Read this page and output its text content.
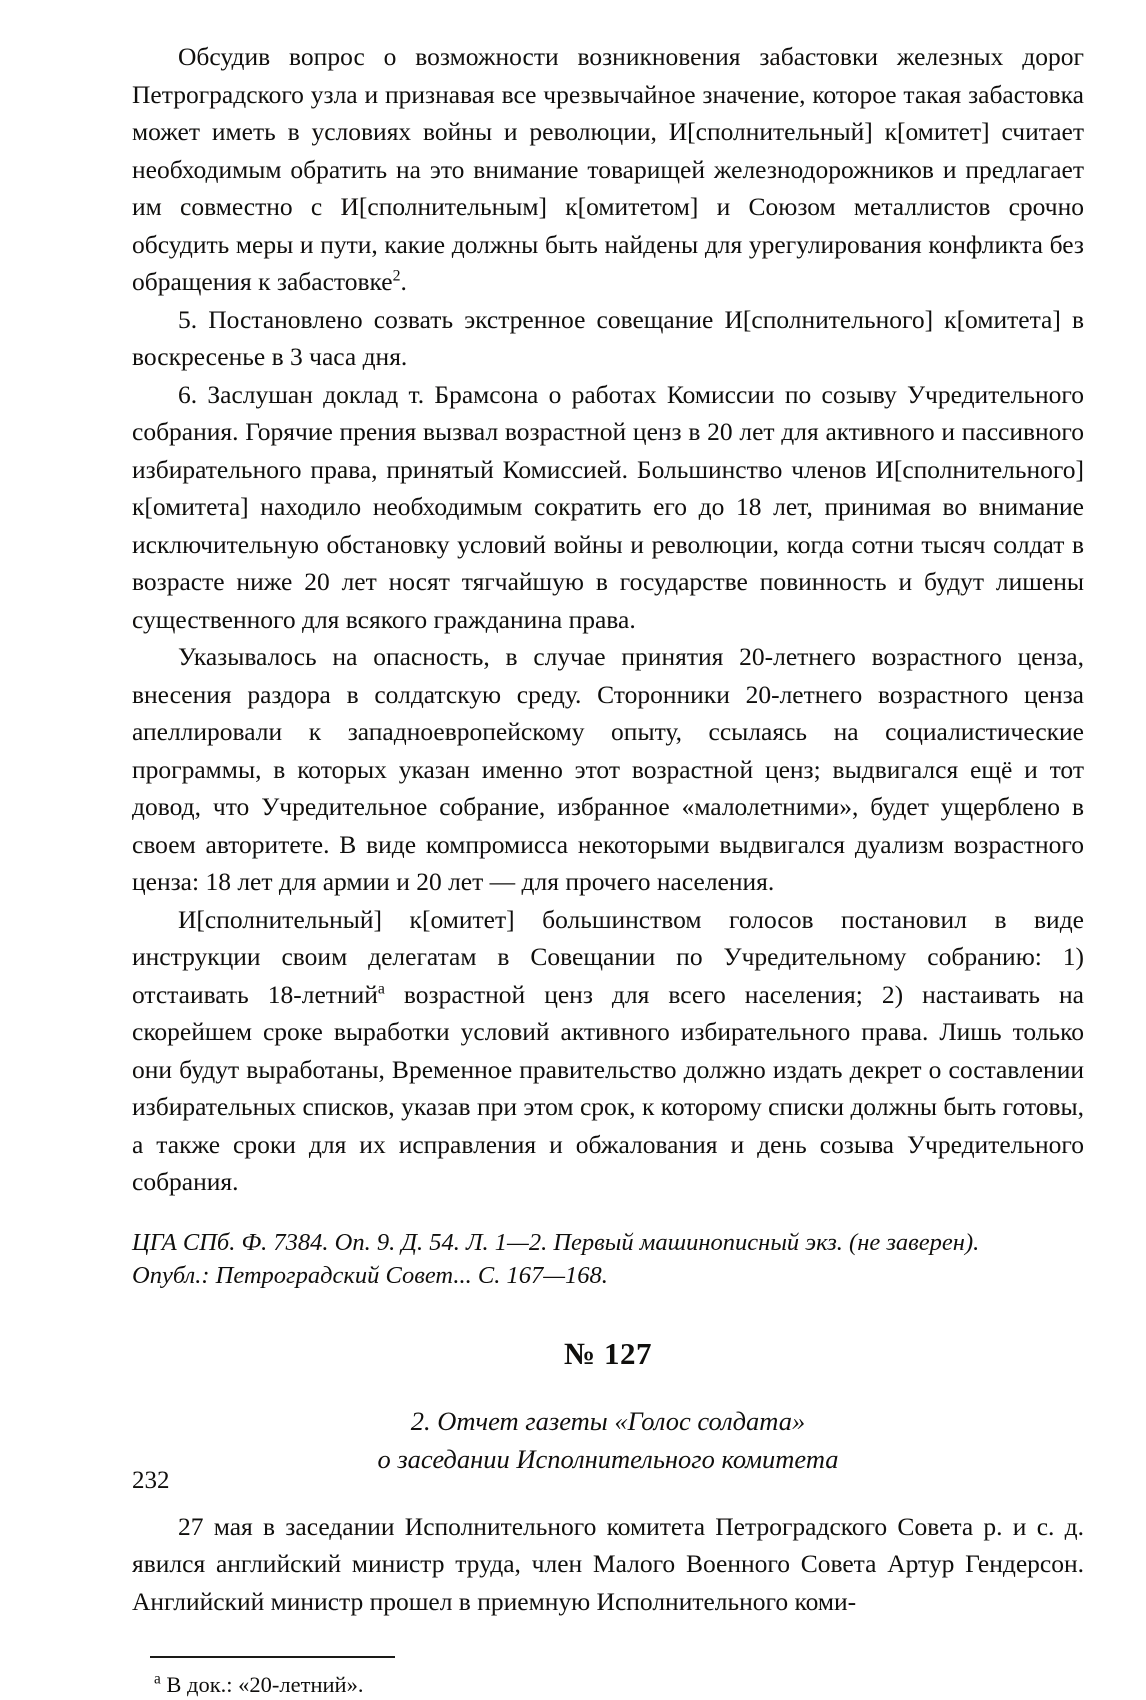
Обсудив вопрос о возможности возникновения забастовки железных дорог Петроградского узла и признавая все чрезвычайное значение, которое такая забастовка может иметь в условиях войны и революции, И[сполнительный] к[омитет] считает необходимым обратить на это внимание товарищей железнодорожников и предлагает им совместно с И[сполнительным] к[омитетом] и Союзом металлистов срочно обсудить меры и пути, какие должны быть найдены для урегулирования конфликта без обращения к забастовке$^2$.

5. Постановлено созвать экстренное совещание И[сполнительного] к[омитета] в воскресенье в 3 часа дня.

6. Заслушан доклад т. Брамсона о работах Комиссии по созыву Учредительного собрания. Горячие прения вызвал возрастной ценз в 20 лет для активного и пассивного избирательного права, принятый Комиссией. Большинство членов И[сполнительного] к[омитета] находило необходимым сократить его до 18 лет, принимая во внимание исключительную обстановку условий войны и революции, когда сотни тысяч солдат в возрасте ниже 20 лет носят тягчайшую в государстве повинность и будут лишены существенного для всякого гражданина права.

Указывалось на опасность, в случае принятия 20-летнего возрастного ценза, внесения раздора в солдатскую среду. Сторонники 20-летнего возрастного ценза апеллировали к западноевропейскому опыту, ссылаясь на социалистические программы, в которых указан именно этот возрастной ценз; выдвигался ещё и тот довод, что Учредительное собрание, избранное «малолетними», будет ущерблено в своем авторитете. В виде компромисса некоторыми выдвигался дуализм возрастного ценза: 18 лет для армии и 20 лет — для прочего населения.

И[сполнительный] к[омитет] большинством голосов постановил в виде инструкции своим делегатам в Совещании по Учредительному собранию: 1) отстаивать 18-летний$^а$ возрастной ценз для всего населения; 2) настаивать на скорейшем сроке выработки условий активного избирательного права. Лишь только они будут выработаны, Временное правительство должно издать декрет о составлении избирательных списков, указав при этом срок, к которому списки должны быть готовы, а также сроки для их исправления и обжалования и день созыва Учредительного собрания.

ЦГА СПб. Ф. 7384. Оп. 9. Д. 54. Л. 1—2. Первый машинописный экз. (не заверен).
Опубл.: Петроградский Совет... С. 167—168.
№ 127
2. Отчет газеты «Голос солдата»
о заседании Исполнительного комитета

27 мая в заседании Исполнительного комитета Петроградского Совета р. и с. д. явился английский министр труда, член Малого Военного Совета Артур Гендерсон. Английский министр прошел в приемную Исполнительного коми-

$^а$ В док.: «20-летний».
232
